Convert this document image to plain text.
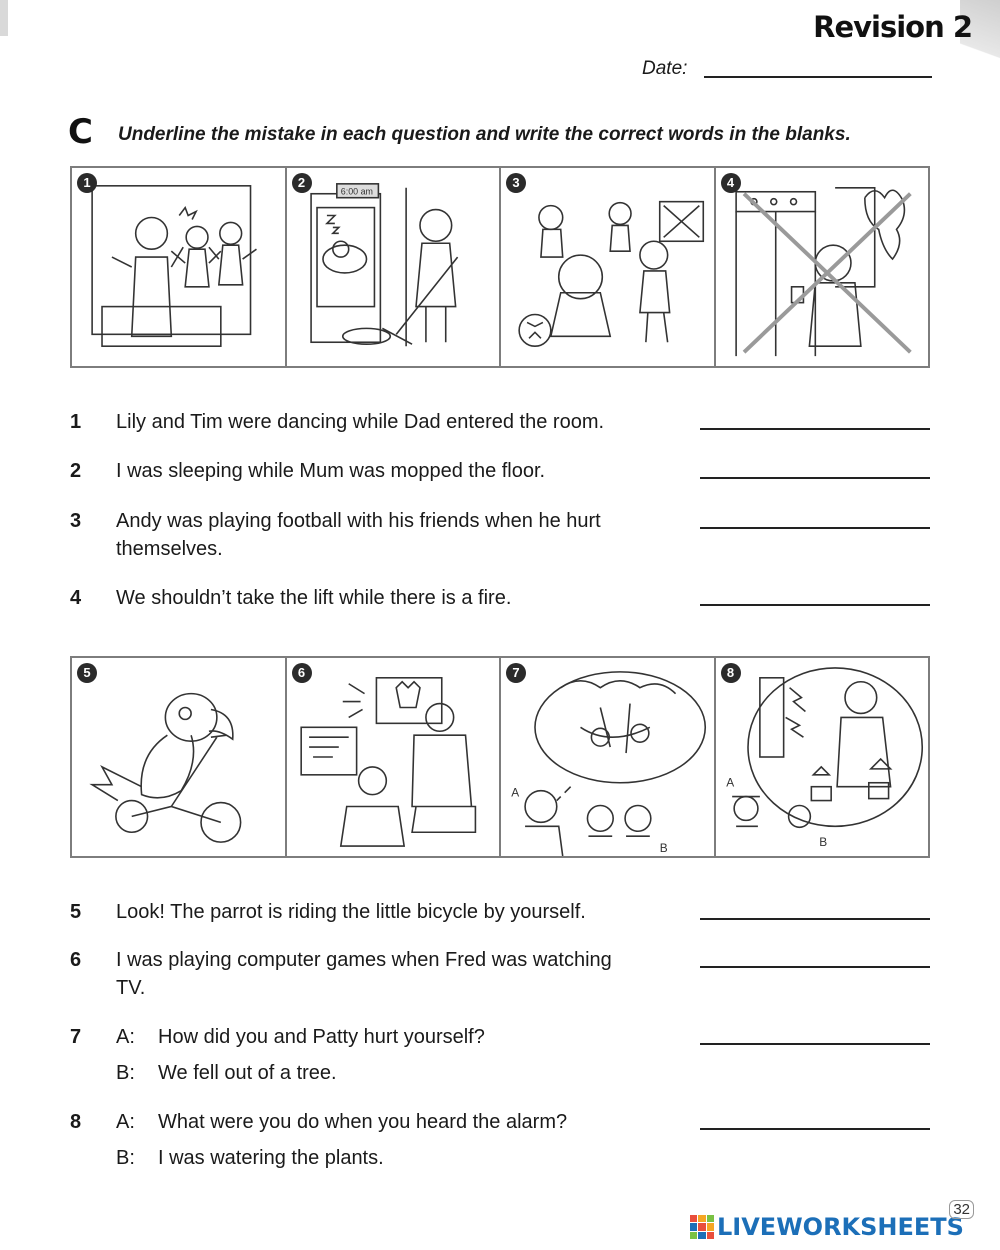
Revision 2
Date:
C Underline the mistake in each question and write the correct words in the blanks.
1	2
6:00 am
3	4
1 Lily and Tim were dancing while Dad entered the room.
2 I was sleeping while Mum was mopped the floor.
3 Andy was playing football with his friends when he hurt themselves.
4 We shouldn’t take the lift while there is a fire.
5	6	7
A
B
8
A
B
5 Look! The parrot is riding the little bicycle by yourself.
6 I was playing computer games when Fred was watching TV.
7 A: How did you and Patty hurt yourself?
B: We fell out of a tree.
8 A: What were you do when you heard the alarm?
B: I was watering the plants.
LIVEWORKSHEETS
32
